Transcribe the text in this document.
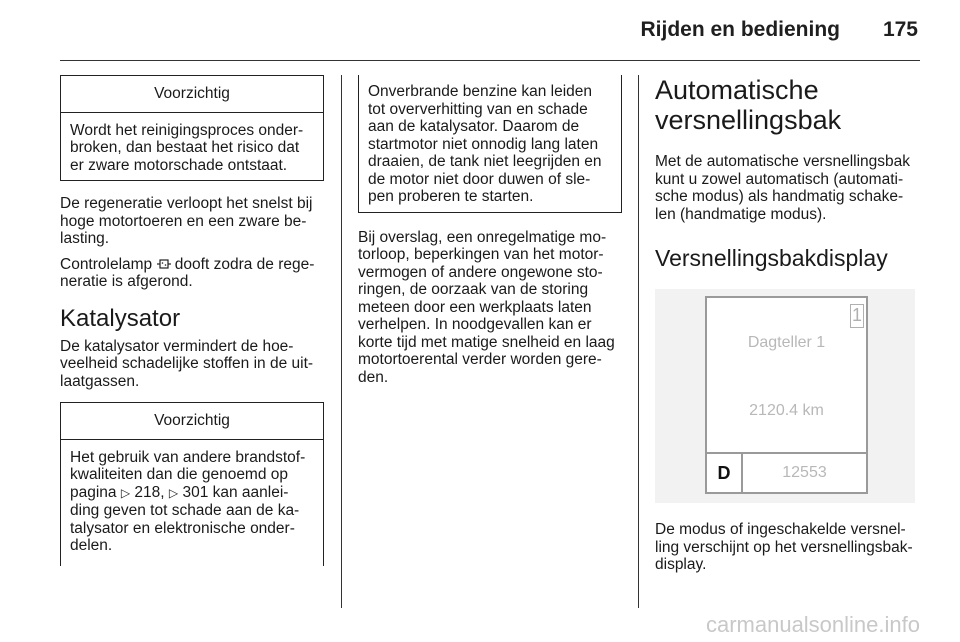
Rijden en bediening 175
Voorzichtig
Wordt het reinigingsproces onder-broken, dan bestaat het risico dat er zware motorschade ontstaat.

De regeneratie verloopt het snelst bij hoge motortoeren en een zware be-lasting.

Controlelamp  dooft zodra de rege-neratie is afgerond.

Katalysator

De katalysator vermindert de hoe-veelheid schadelijke stoffen in de uit-laatgassen.

Voorzichtig
Het gebruik van andere brandstof-kwaliteiten dan die genoemd op pagina ▷ 218, ▷ 301 kan aanlei-ding geven tot schade aan de ka-talysator en elektronische onder-delen.
Onverbrande benzine kan leiden tot oververhitting van en schade aan de katalysator. Daarom de startmotor niet onnodig lang laten draaien, de tank niet leegrijden en de motor niet door duwen of sle-pen proberen te starten.

Bij overslag, een onregelmatige mo-torloop, beperkingen van het motor-vermogen of andere ongewone sto-ringen, de oorzaak van de storing meteen door een werkplaats laten verhelpen. In noodgevallen kan er korte tijd met matige snelheid en laag motortoerental verder worden gere-den.

Automatische versnellingsbak

Met de automatische versnellingsbak kunt u zowel automatisch (automati-sche modus) als handmatig schake-len (handmatige modus).

Versnellingsbakdisplay
1
Dagteller 1
2120.4 km
D	12553

De modus of ingeschakelde versnel-ling verschijnt op het versnellingsbak-display.

carmanualsonline.info
